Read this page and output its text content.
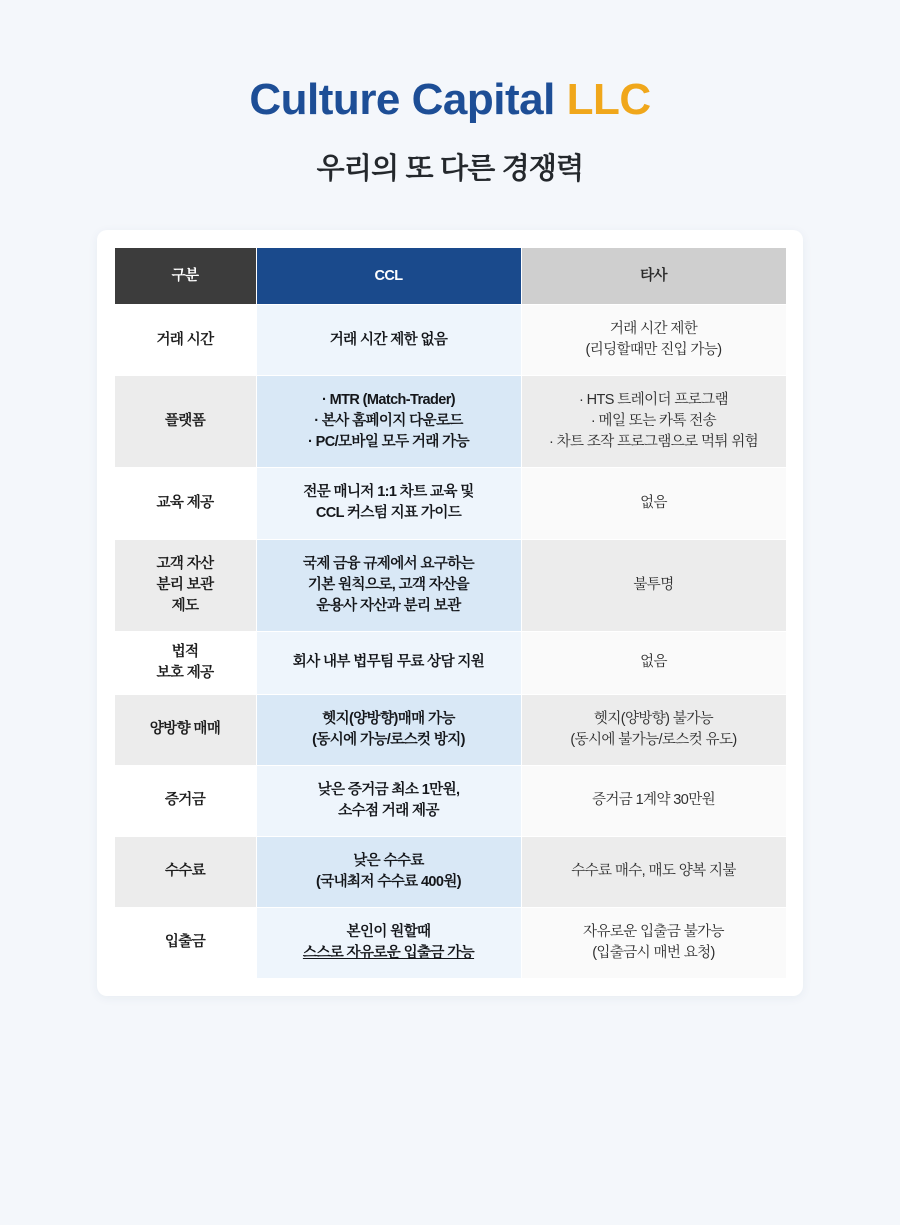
Culture Capital LLC
우리의 또 다른 경쟁력
구분	CCL	타사

거래 시간	거래 시간 제한 없음	거래 시간 제한
(리딩할때만 진입 가능)

플랫폼	· MTR (Match-Trader)
· 본사 홈페이지 다운로드
· PC/모바일 모두 거래 가능	· HTS 트레이더 프로그램
· 메일 또는 카톡 전송
· 차트 조작 프로그램으로 먹튀 위험

교육 제공	전문 매니저 1:1 차트 교육 및
CCL 커스텀 지표 가이드	없음

고객 자산
분리 보관
제도	국제 금융 규제에서 요구하는
기본 원칙으로, 고객 자산을
운용사 자산과 분리 보관	불투명

법적
보호 제공	회사 내부 법무팀 무료 상담 지원	없음

양방향 매매	헷지(양방향)매매 가능
(동시에 가능/로스컷 방지)	헷지(양방향) 불가능
(동시에 불가능/로스컷 유도)

증거금	낮은 증거금 최소 1만원,
소수점 거래 제공	증거금 1계약 30만원

수수료	낮은 수수료
(국내최저 수수료 400원)	수수료 매수, 매도 양복 지불

입출금	본인이 원할때
스스로 자유로운 입출금 가능	자유로운 입출금 불가능
(입출금시 매번 요청)
